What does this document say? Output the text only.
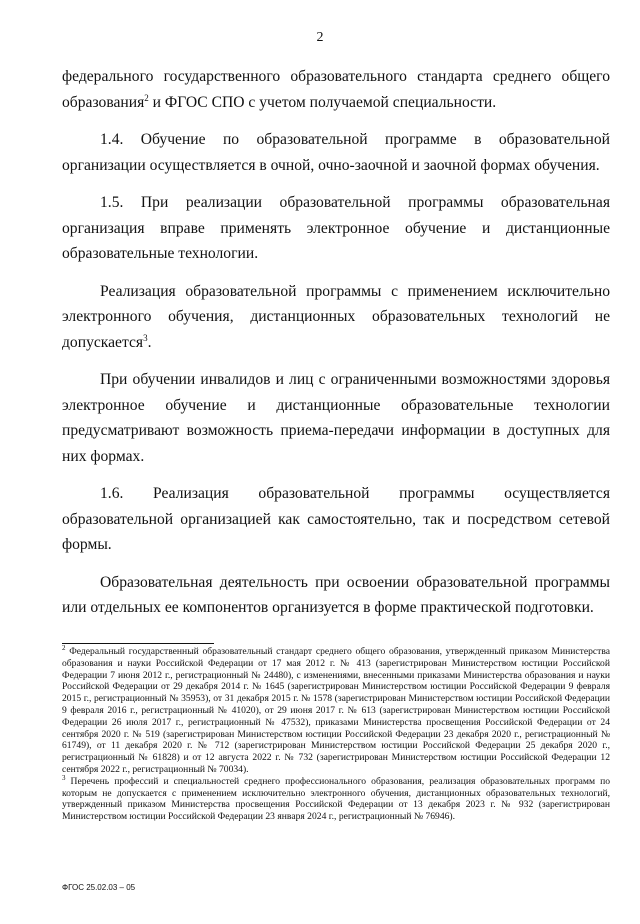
2

федерального государственного образовательного стандарта среднего общего образования$^2$ и ФГОС СПО с учетом получаемой специальности.

1.4. Обучение по образовательной программе в образовательной организации осуществляется в очной, очно-заочной и заочной формах обучения.

1.5. При реализации образовательной программы образовательная организация вправе применять электронное обучение и дистанционные образовательные технологии.

Реализация образовательной программы с применением исключительно электронного обучения, дистанционных образовательных технологий не допускается$^3$.

При обучении инвалидов и лиц с ограниченными возможностями здоровья электронное обучение и дистанционные образовательные технологии предусматривают возможность приема-передачи информации в доступных для них формах.

1.6. Реализация образовательной программы осуществляется образовательной организацией как самостоятельно, так и посредством сетевой формы.

Образовательная деятельность при освоении образовательной программы или отдельных ее компонентов организуется в форме практической подготовки.

$^2$ Федеральный государственный образовательный стандарт среднего общего образования, утвержденный приказом Министерства образования и науки Российской Федерации от 17 мая 2012 г. № 413 (зарегистрирован Министерством юстиции Российской Федерации 7 июня 2012 г., регистрационный № 24480), с изменениями, внесенными приказами Министерства образования и науки Российской Федерации от 29 декабря 2014 г. № 1645 (зарегистрирован Министерством юстиции Российской Федерации 9 февраля 2015 г., регистрационный № 35953), от 31 декабря 2015 г. № 1578 (зарегистрирован Министерством юстиции Российской Федерации 9 февраля 2016 г., регистрационный № 41020), от 29 июня 2017 г. № 613 (зарегистрирован Министерством юстиции Российской Федерации 26 июля 2017 г., регистрационный № 47532), приказами Министерства просвещения Российской Федерации от 24 сентября 2020 г. № 519 (зарегистрирован Министерством юстиции Российской Федерации 23 декабря 2020 г., регистрационный № 61749), от 11 декабря 2020 г. № 712 (зарегистрирован Министерством юстиции Российской Федерации 25 декабря 2020 г., регистрационный № 61828) и от 12 августа 2022 г. № 732 (зарегистрирован Министерством юстиции Российской Федерации 12 сентября 2022 г., регистрационный № 70034).

$^3$ Перечень профессий и специальностей среднего профессионального образования, реализация образовательных программ по которым не допускается с применением исключительно электронного обучения, дистанционных образовательных технологий, утвержденный приказом Министерства просвещения Российской Федерации от 13 декабря 2023 г. № 932 (зарегистрирован Министерством юстиции Российской Федерации 23 января 2024 г., регистрационный № 76946).

ФГОС 25.02.03 – 05
